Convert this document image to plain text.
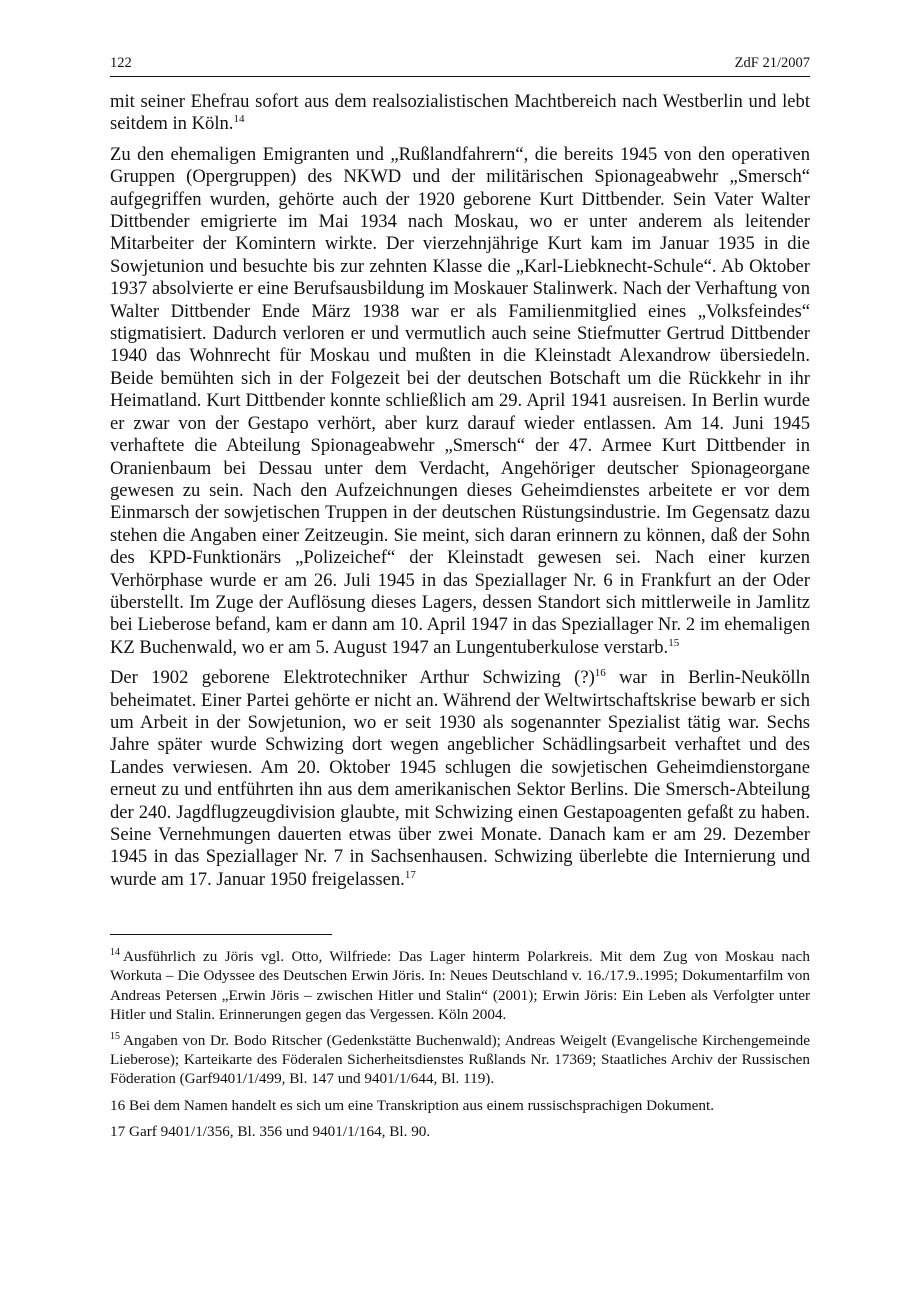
122	ZdF 21/2007

mit seiner Ehefrau sofort aus dem realsozialistischen Machtbereich nach Westberlin und lebt seitdem in Köln.$^{14}$

Zu den ehemaligen Emigranten und „Rußlandfahrern“, die bereits 1945 von den operativen Gruppen (Opergruppen) des NKWD und der militärischen Spionageabwehr „Smersch“ aufgegriffen wurden, gehörte auch der 1920 geborene Kurt Dittbender. Sein Vater Walter Dittbender emigrierte im Mai 1934 nach Moskau, wo er unter anderem als leitender Mitarbeiter der Komintern wirkte. Der vierzehnjährige Kurt kam im Januar 1935 in die Sowjetunion und besuchte bis zur zehnten Klasse die „Karl-Liebknecht-Schule“. Ab Oktober 1937 absolvierte er eine Berufsausbildung im Moskauer Stalinwerk. Nach der Verhaftung von Walter Dittbender Ende März 1938 war er als Familienmitglied eines „Volksfeindes“ stigmatisiert. Dadurch verloren er und vermutlich auch seine Stiefmutter Gertrud Dittbender 1940 das Wohnrecht für Moskau und mußten in die Kleinstadt Alexandrow übersiedeln. Beide bemühten sich in der Folgezeit bei der deutschen Botschaft um die Rückkehr in ihr Heimatland. Kurt Dittbender konnte schließlich am 29. April 1941 ausreisen. In Berlin wurde er zwar von der Gestapo verhört, aber kurz darauf wieder entlassen. Am 14. Juni 1945 verhaftete die Abteilung Spionageabwehr „Smersch“ der 47. Armee Kurt Dittbender in Oranienbaum bei Dessau unter dem Verdacht, Angehöriger deutscher Spionageorgane gewesen zu sein. Nach den Aufzeichnungen dieses Geheimdienstes arbeitete er vor dem Einmarsch der sowjetischen Truppen in der deutschen Rüstungsindustrie. Im Gegensatz dazu stehen die Angaben einer Zeitzeugin. Sie meint, sich daran erinnern zu können, daß der Sohn des KPD-Funktionärs „Polizeichef“ der Kleinstadt gewesen sei. Nach einer kurzen Verhörphase wurde er am 26. Juli 1945 in das Speziallager Nr. 6 in Frankfurt an der Oder überstellt. Im Zuge der Auflösung dieses Lagers, dessen Standort sich mittlerweile in Jamlitz bei Lieberose befand, kam er dann am 10. April 1947 in das Speziallager Nr. 2 im ehemaligen KZ Buchenwald, wo er am 5. August 1947 an Lungentuberkulose verstarb.$^{15}$

Der 1902 geborene Elektrotechniker Arthur Schwizing (?)$^{16}$ war in Berlin-Neukölln beheimatet. Einer Partei gehörte er nicht an. Während der Weltwirtschaftskrise bewarb er sich um Arbeit in der Sowjetunion, wo er seit 1930 als sogenannter Spezialist tätig war. Sechs Jahre später wurde Schwizing dort wegen angeblicher Schädlingsarbeit verhaftet und des Landes verwiesen. Am 20. Oktober 1945 schlugen die sowjetischen Geheimdienstorgane erneut zu und entführten ihn aus dem amerikanischen Sektor Berlins. Die Smersch-Abteilung der 240. Jagdflugzeugdivision glaubte, mit Schwizing einen Gestapoagenten gefaßt zu haben. Seine Vernehmungen dauerten etwas über zwei Monate. Danach kam er am 29. Dezember 1945 in das Speziallager Nr. 7 in Sachsenhausen. Schwizing überlebte die Internierung und wurde am 17. Januar 1950 freigelassen.$^{17}$

$^{14}$ Ausführlich zu Jöris vgl. Otto, Wilfriede: Das Lager hinterm Polarkreis. Mit dem Zug von Moskau nach Workuta – Die Odyssee des Deutschen Erwin Jöris. In: Neues Deutschland v. 16./17.9..1995; Dokumentarfilm von Andreas Petersen „Erwin Jöris – zwischen Hitler und Stalin“ (2001); Erwin Jöris: Ein Leben als Verfolgter unter Hitler und Stalin. Erinnerungen gegen das Vergessen. Köln 2004.
$^{15}$ Angaben von Dr. Bodo Ritscher (Gedenkstätte Buchenwald); Andreas Weigelt (Evangelische Kirchengemeinde Lieberose); Karteikarte des Föderalen Sicherheitsdienstes Rußlands Nr. 17369; Staatliches Archiv der Russischen Föderation (Garf9401/1/499, Bl. 147 und 9401/1/644, Bl. 119).
16 Bei dem Namen handelt es sich um eine Transkription aus einem russischsprachigen Dokument.
17 Garf 9401/1/356, Bl. 356 und 9401/1/164, Bl. 90.
